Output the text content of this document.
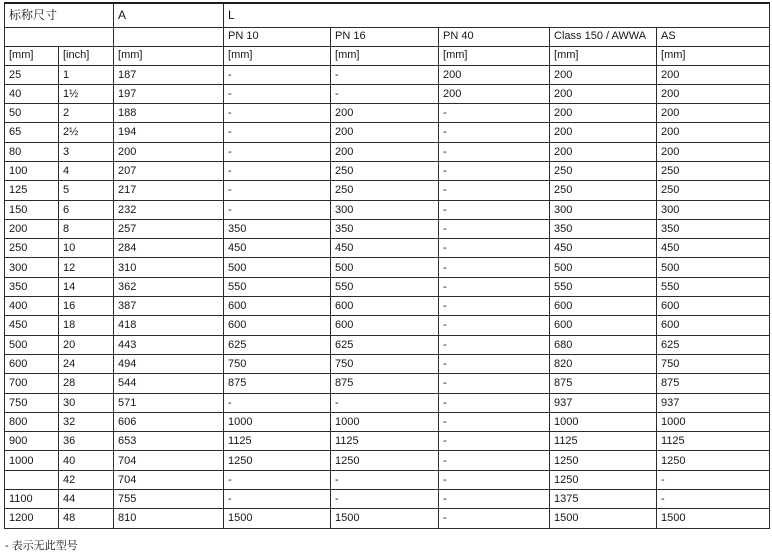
标称尺寸		A	L				
			PN 10	PN 16	PN 40	Class 150 / AWWA	AS
[mm]	[inch]	[mm]	[mm]	[mm]	[mm]	[mm]	[mm]
25	1	187	-	-	200	200	200
40	1½	197	-	-	200	200	200
50	2	188	-	200	-	200	200
65	2½	194	-	200	-	200	200
80	3	200	-	200	-	200	200
100	4	207	-	250	-	250	250
125	5	217	-	250	-	250	250
150	6	232	-	300	-	300	300
200	8	257	350	350	-	350	350
250	10	284	450	450	-	450	450
300	12	310	500	500	-	500	500
350	14	362	550	550	-	550	550
400	16	387	600	600	-	600	600
450	18	418	600	600	-	600	600
500	20	443	625	625	-	680	625
600	24	494	750	750	-	820	750
700	28	544	875	875	-	875	875
750	30	571	-	-	-	937	937
800	32	606	1000	1000	-	1000	1000
900	36	653	1125	1125	-	1125	1125
1000	40	704	1250	1250	-	1250	1250
	42	704	-	-	-	1250	-
1100	44	755	-	-	-	1375	-
1200	48	810	1500	1500	-	1500	1500
- 表示无此型号
